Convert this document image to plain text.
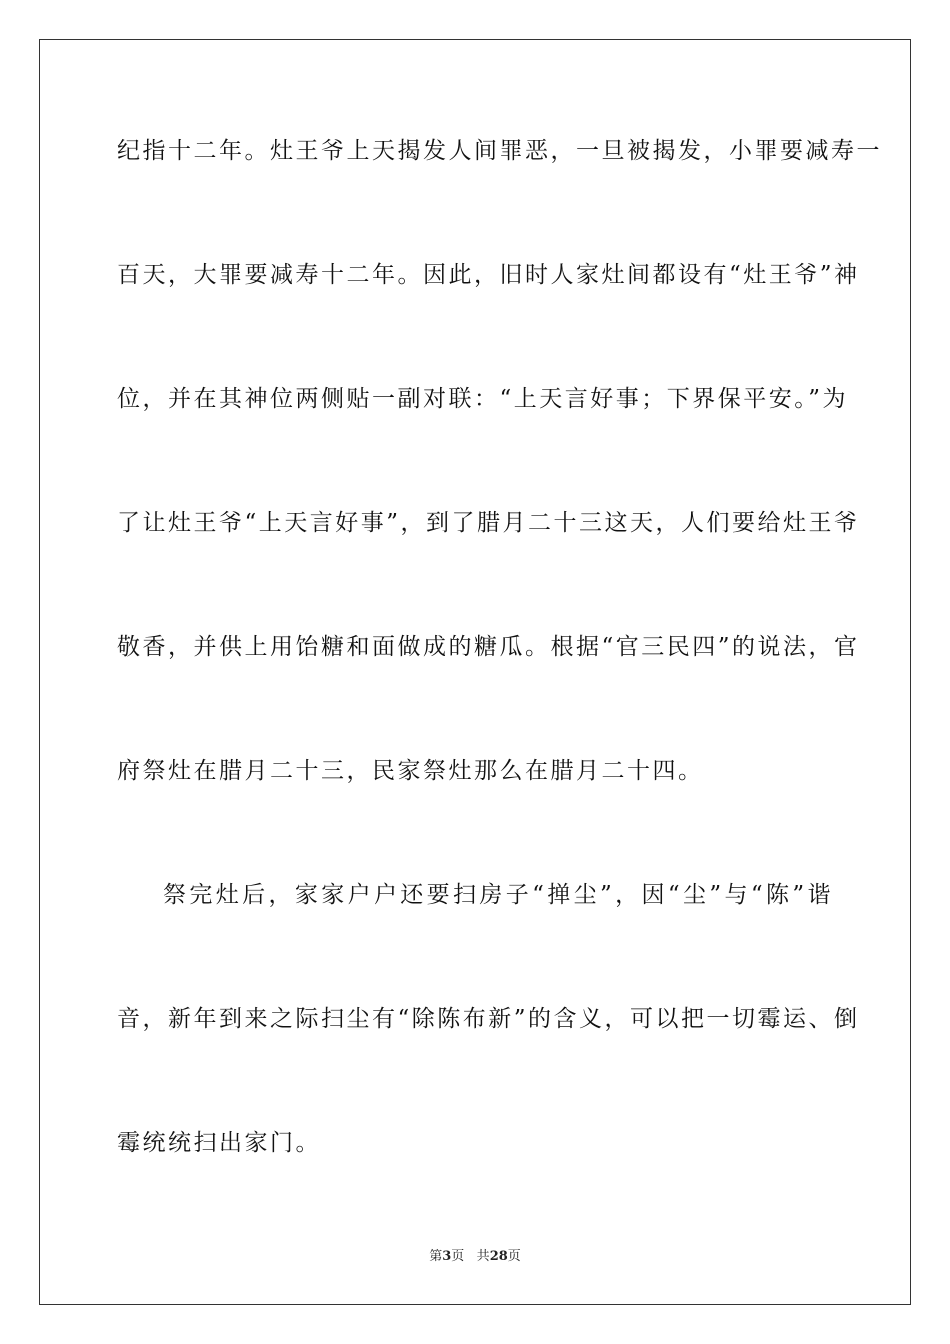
纪指十二年。灶王爷上天揭发人间罪恶，一旦被揭发，小罪要减寿一
百天，大罪要减寿十二年。因此，旧时人家灶间都设有“灶王爷”神
位，并在其神位两侧贴一副对联：“上天言好事；下界保平安。”为
了让灶王爷“上天言好事”，到了腊月二十三这天，人们要给灶王爷
敬香，并供上用饴糖和面做成的糖瓜。根据“官三民四”的说法，官
府祭灶在腊月二十三，民家祭灶那么在腊月二十四。
祭完灶后，家家户户还要扫房子“掸尘”，因“尘”与“陈”谐
音，新年到来之际扫尘有“除陈布新”的含义，可以把一切霉运、倒
霉统统扫出家门。
第3页 共28页
